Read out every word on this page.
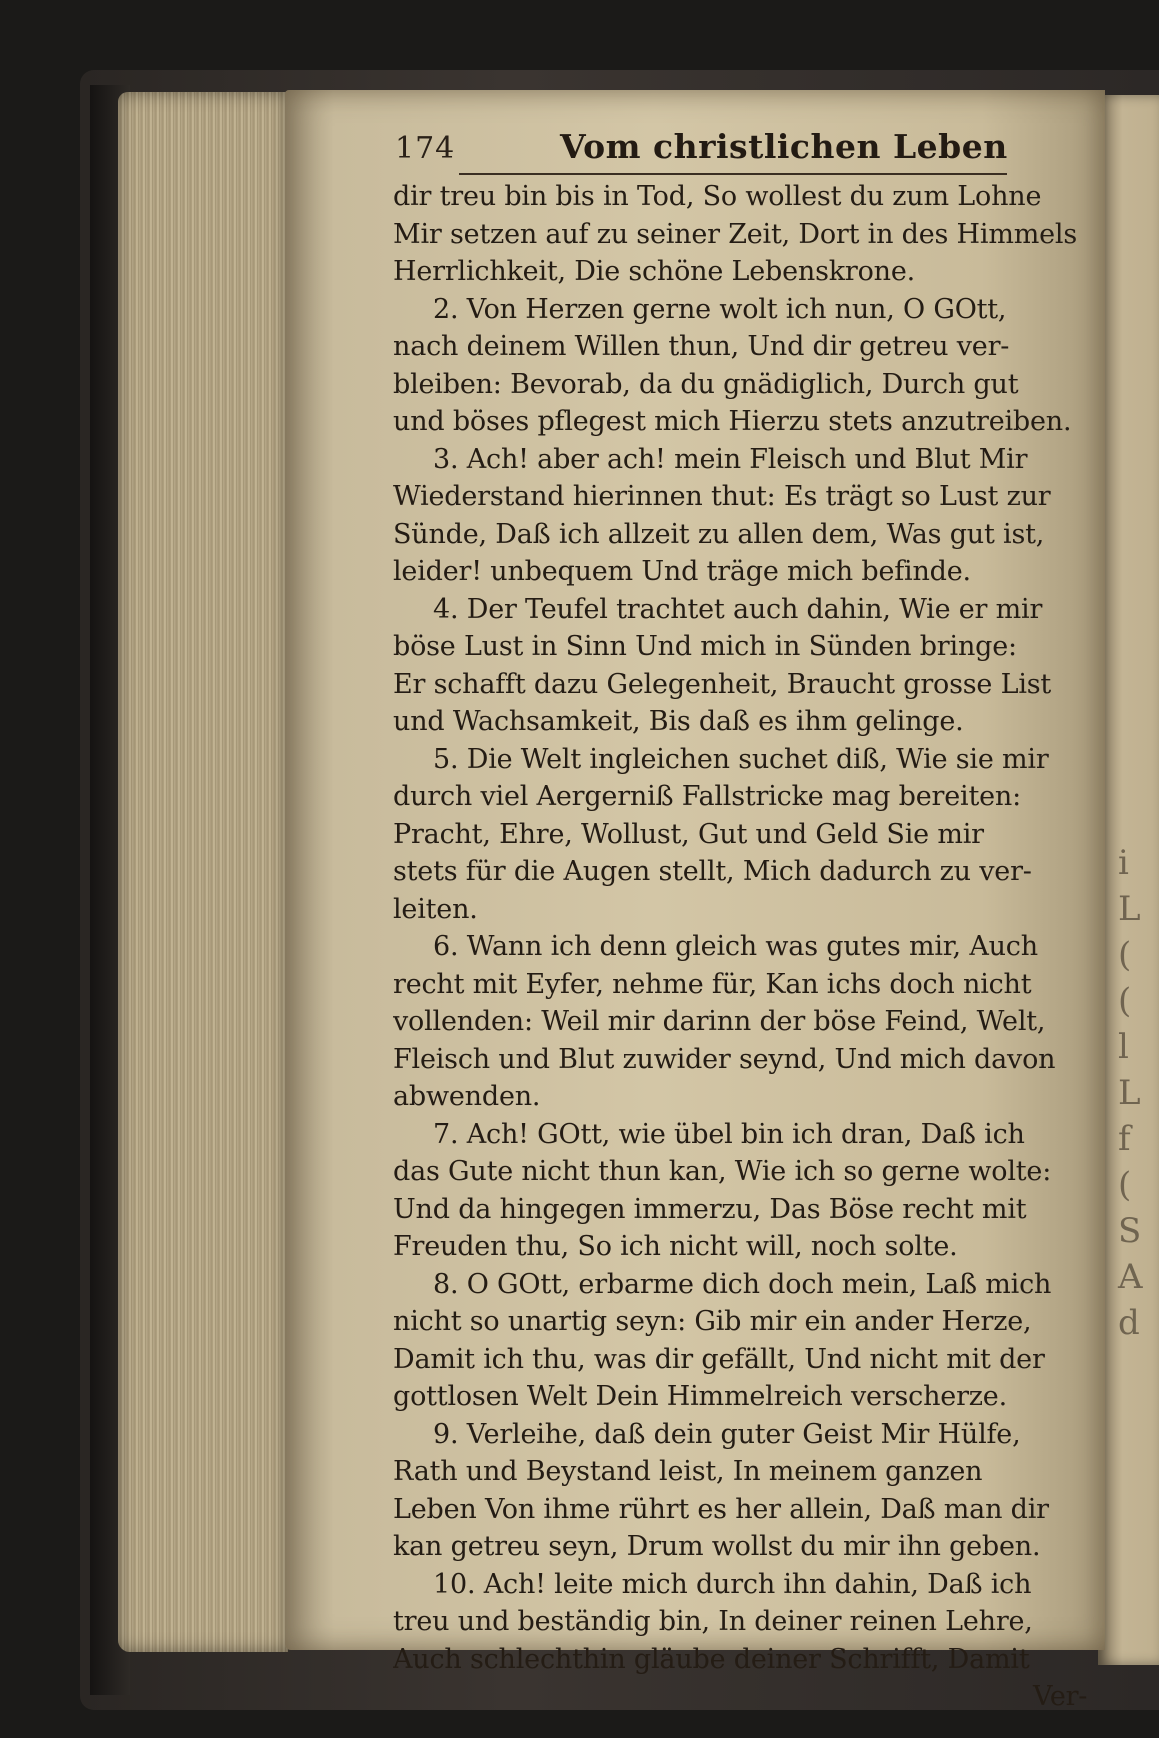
i
L
(
(
l
L
f
(
S
A
d
174	Vom christlichen Leben
dir treu bin bis in Tod, So wollest du zum Lohne
Mir setzen auf zu seiner Zeit, Dort in des Himmels
Herrlichkeit, Die schöne Lebenskrone.
2. Von Herzen gerne wolt ich nun, O GOtt,
nach deinem Willen thun, Und dir getreu ver-
bleiben: Bevorab, da du gnädiglich, Durch gut
und böses pflegest mich Hierzu stets anzutreiben.
3. Ach! aber ach! mein Fleisch und Blut Mir
Wiederstand hierinnen thut: Es trägt so Lust zur
Sünde, Daß ich allzeit zu allen dem, Was gut ist,
leider! unbequem Und träge mich befinde.
4. Der Teufel trachtet auch dahin, Wie er mir
böse Lust in Sinn Und mich in Sünden bringe:
Er schafft dazu Gelegenheit, Braucht grosse List
und Wachsamkeit, Bis daß es ihm gelinge.
5. Die Welt ingleichen suchet diß, Wie sie mir
durch viel Aergerniß Fallstricke mag bereiten:
Pracht, Ehre, Wollust, Gut und Geld Sie mir
stets für die Augen stellt, Mich dadurch zu ver-
leiten.
6. Wann ich denn gleich was gutes mir, Auch
recht mit Eyfer, nehme für, Kan ichs doch nicht
vollenden: Weil mir darinn der böse Feind, Welt,
Fleisch und Blut zuwider seynd, Und mich davon
abwenden.
7. Ach! GOtt, wie übel bin ich dran, Daß ich
das Gute nicht thun kan, Wie ich so gerne wolte:
Und da hingegen immerzu, Das Böse recht mit
Freuden thu, So ich nicht will, noch solte.
8. O GOtt, erbarme dich doch mein, Laß mich
nicht so unartig seyn: Gib mir ein ander Herze,
Damit ich thu, was dir gefällt, Und nicht mit der
gottlosen Welt Dein Himmelreich verscherze.
9. Verleihe, daß dein guter Geist Mir Hülfe,
Rath und Beystand leist, In meinem ganzen
Leben Von ihme rührt es her allein, Daß man dir
kan getreu seyn, Drum wollst du mir ihn geben.
10. Ach! leite mich durch ihn dahin, Daß ich
treu und beständig bin, In deiner reinen Lehre,
Auch schlechthin gläube deiner Schrifft, Damit
Ver-
